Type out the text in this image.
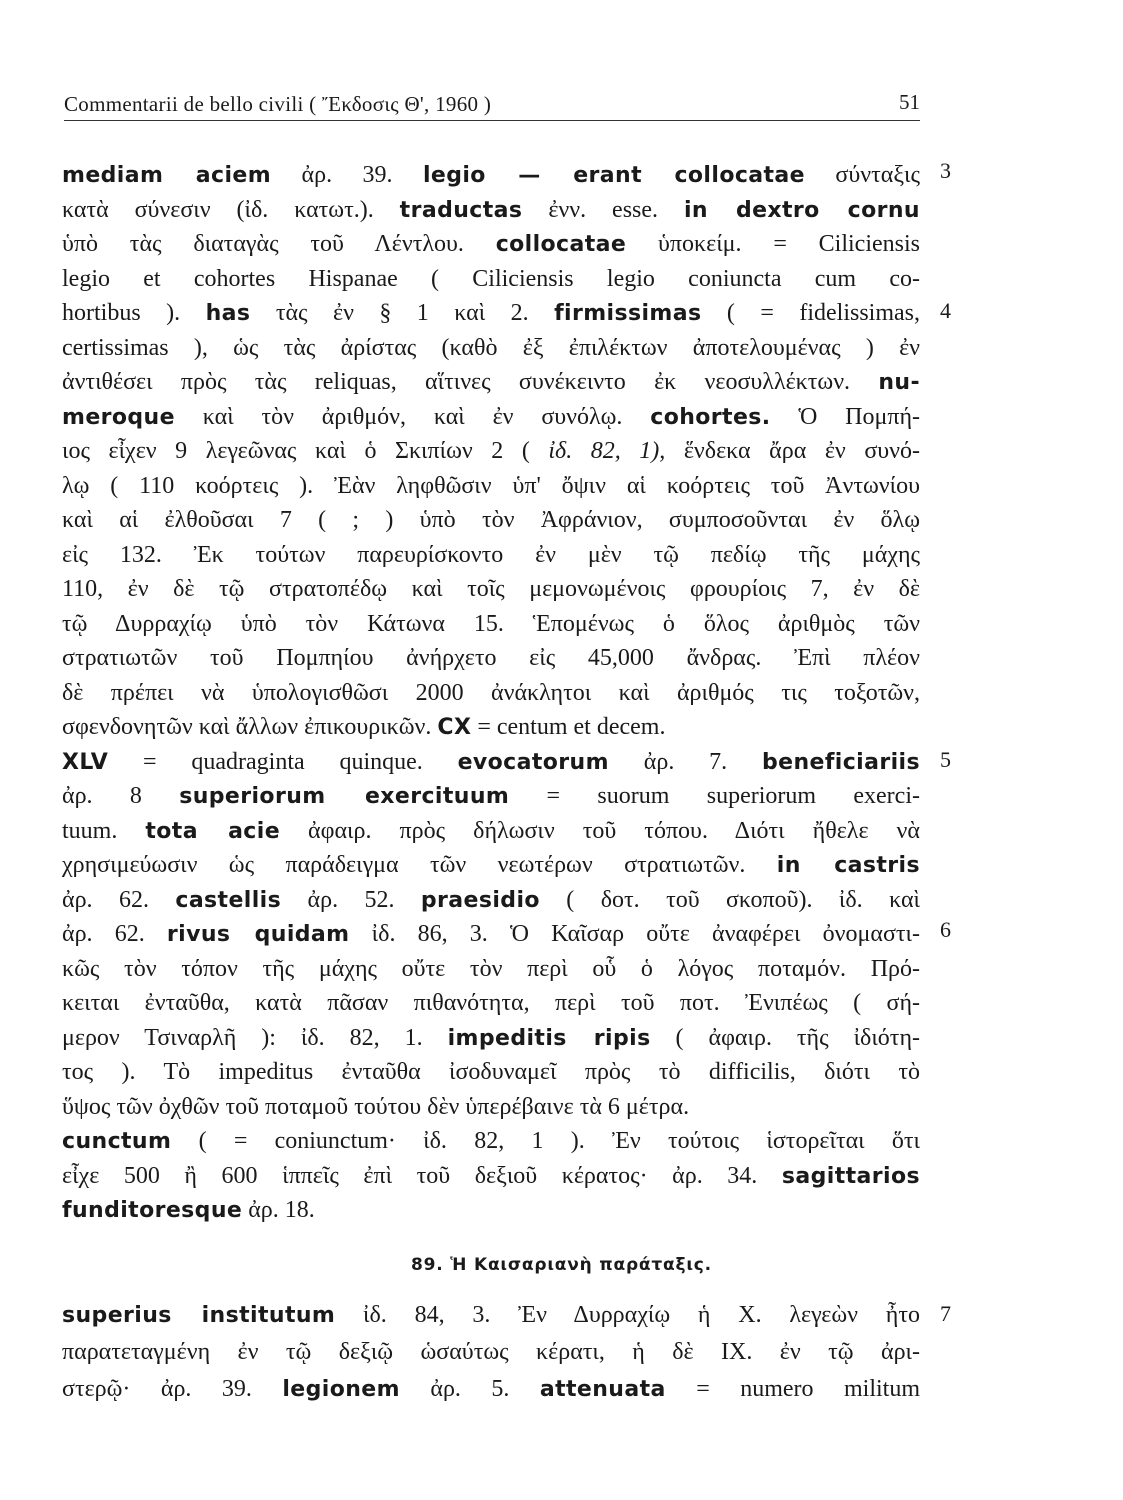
Commentarii de bello civili ( Ἔκδοσις Θ', 1960 )	51
mediam aciem ἀρ. 39. legio — erant collocatae σύνταξις
κατὰ σύνεσιν (ἰδ. κατωτ.). traductas ἐνν. esse. in dextro cornu
ὑπὸ τὰς διαταγὰς τοῦ Λέντλου. collocatae ὑποκείμ. = Ciliciensis
legio et cohortes Hispanae ( Ciliciensis legio coniuncta cum co-
hortibus ). has τὰς ἐν § 1 καὶ 2. firmissimas ( = fidelissimas,
certissimas ), ὡς τὰς ἀρίστας (καθὸ ἐξ ἐπιλέκτων ἀποτελουμένας ) ἐν
ἀντιθέσει πρὸς τὰς reliquas, αἵτινες συνέκειντο ἐκ νεοσυλλέκτων. nu-
meroque καὶ τὸν ἀριθμόν, καὶ ἐν συνόλῳ. cohortes. Ὁ Πομπή-
ιος εἶχεν 9 λεγεῶνας καὶ ὁ Σκιπίων 2 ( ἰδ. 82, 1), ἕνδεκα ἄρα ἐν συνό-
λῳ ( 110 κοόρτεις ). Ἐὰν ληφθῶσιν ὑπ' ὄψιν αἱ κοόρτεις τοῦ Ἀντωνίου
καὶ αἱ ἐλθοῦσαι 7 ( ; ) ὑπὸ τὸν Ἀφράνιον, συμποσοῦνται ἐν ὅλῳ
εἰς 132. Ἐκ τούτων παρευρίσκοντο ἐν μὲν τῷ πεδίῳ τῆς μάχης
110, ἐν δὲ τῷ στρατοπέδῳ καὶ τοῖς μεμονωμένοις φρουρίοις 7, ἐν δὲ
τῷ Δυρραχίῳ ὑπὸ τὸν Κάτωνα 15. Ἑπομένως ὁ ὅλος ἀριθμὸς τῶν
στρατιωτῶν τοῦ Πομπηίου ἀνήρχετο εἰς 45,000 ἄνδρας. Ἐπὶ πλέον
δὲ πρέπει νὰ ὑπολογισθῶσι 2000 ἀνάκλητοι καὶ ἀριθμός τις τοξοτῶν,
σφενδονητῶν καὶ ἄλλων ἐπικουρικῶν. CX = centum et decem.
XLV = quadraginta quinque. evocatorum ἀρ. 7. beneficiariis
ἀρ. 8 superiorum exercituum = suorum superiorum exerci-
tuum. tota acie ἀφαιρ. πρὸς δήλωσιν τοῦ τόπου. Διότι ἤθελε νὰ
χρησιμεύωσιν ὡς παράδειγμα τῶν νεωτέρων στρατιωτῶν. in castris
ἀρ. 62. castellis ἀρ. 52. praesidio ( δοτ. τοῦ σκοποῦ). ἰδ. καὶ
ἀρ. 62. rivus quidam ἰδ. 86, 3. Ὁ Καῖσαρ οὔτε ἀναφέρει ὀνομαστι-
κῶς τὸν τόπον τῆς μάχης οὔτε τὸν περὶ οὗ ὁ λόγος ποταμόν. Πρό-
κειται ἐνταῦθα, κατὰ πᾶσαν πιθανότητα, περὶ τοῦ ποτ. Ἐνιπέως ( σή-
μερον Τσιναρλῆ ): ἰδ. 82, 1. impeditis ripis ( ἀφαιρ. τῆς ἰδιότη-
τος ). Τὸ impeditus ἐνταῦθα ἰσοδυναμεῖ πρὸς τὸ difficilis, διότι τὸ
ὕψος τῶν ὀχθῶν τοῦ ποταμοῦ τούτου δὲν ὑπερέβαινε τὰ 6 μέτρα.
cunctum ( = coniunctum· ἰδ. 82, 1 ). Ἐν τούτοις ἱστορεῖται ὅτι
εἶχε 500 ἢ 600 ἱππεῖς ἐπὶ τοῦ δεξιοῦ κέρατος· ἀρ. 34. sagittarios
funditoresque ἀρ. 18.
89. Ἡ Καισαριανὴ παράταξις.
superius institutum ἰδ. 84, 3. Ἐν Δυρραχίῳ ἡ Χ. λεγεὼν ἦτο
παρατεταγμένη ἐν τῷ δεξιῷ ὡσαύτως κέρατι, ἡ δὲ IX. ἐν τῷ ἀρι-
στερῷ· ἀρ. 39. legionem ἀρ. 5. attenuata = numero militum
3
4
5
6
7
